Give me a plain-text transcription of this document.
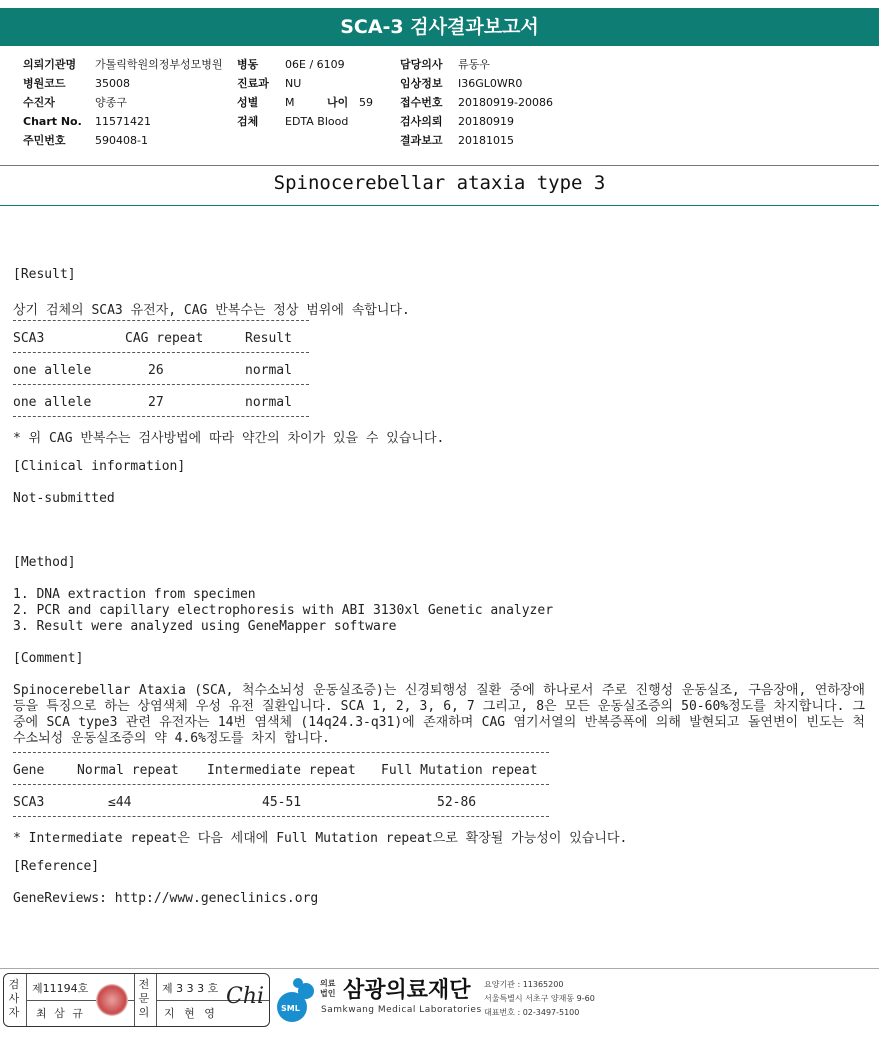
SCA-3 검사결과보고서
의뢰기관명 가톨릭학원의정부성모병원
병원코드	35008
수진자	양종구
Chart No. 11571421
주민번호	590408-1
병동 06E / 6109
진료과 NU
성별 M	나이 59
검체 EDTA Blood
담당의사 류동우
임상정보 I36GL0WR0
접수번호 20180919-20086
검사의뢰 20180919
결과보고 20181015
Spinocerebellar ataxia type 3
[Result]
상기 검체의 SCA3 유전자, CAG 반복수는 정상 범위에 속합니다.
SCA3	CAG repeat	Result
one allele	26	normal
one allele	27	normal
* 위 CAG 반복수는 검사방법에 따라 약간의 차이가 있을 수 있습니다.
[Clinical information]
Not-submitted
[Method]
1. DNA extraction from specimen
2. PCR and capillary electrophoresis with ABI 3130xl Genetic analyzer
3. Result were analyzed using GeneMapper software
[Comment]
Spinocerebellar Ataxia (SCA, 척수소뇌성 운동실조증)는 신경퇴행성 질환 중에 하나로서 주로 진행성 운동실조, 구음장애, 연하장애 등을 특징으로 하는 상염색체 우성 유전 질환입니다. SCA 1, 2, 3, 6, 7 그리고, 8은 모든 운동실조증의 50-60%정도를 차지합니다. 그중에 SCA type3 관련 유전자는 14번 염색체 (14q24.3-q31)에 존재하며 CAG 염기서열의 반복증폭에 의해 발현되고 돌연변이 빈도는 척수소뇌성 운동실조증의 약 4.6%정도를 차지 합니다.
Gene	Normal repeat Intermediate repeat Full Mutation repeat
SCA3	≤44	45-51	52-86
* Intermediate repeat은 다음 세대에 Full Mutation repeat으로 확장될 가능성이 있습니다.
[Reference]
GeneReviews: http://www.geneclinics.org
검사자
제11194호
최 삼 규
전문의
제 3 3 3 호
지 현 영
Chi SML
의료법인 삼광의료재단
Samkwang Medical Laboratories
요양기관 : 11365200
서울특별시 서초구 양재동 9-60
대표번호 : 02-3497-5100
